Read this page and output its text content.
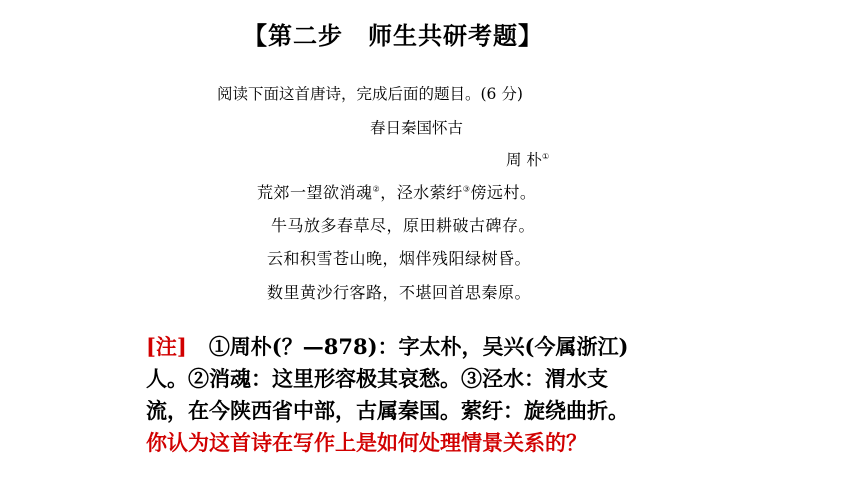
【第二步　师生共研考题】
阅读下面这首唐诗，完成后面的题目。(6 分)
春日秦国怀古
周 朴①
荒郊一望欲消魂②，泾水萦纡③傍远村。
牛马放多春草尽，原田耕破古碑存。
云和积雪苍山晚，烟伴残阳绿树昏。
数里黄沙行客路，不堪回首思秦原。
[注] ①周朴(？—878)：字太朴，吴兴(今属浙江)
人。②消魂：这里形容极其哀愁。③泾水：渭水支
流，在今陕西省中部，古属秦国。萦纡：旋绕曲折。
你认为这首诗在写作上是如何处理情景关系的？
